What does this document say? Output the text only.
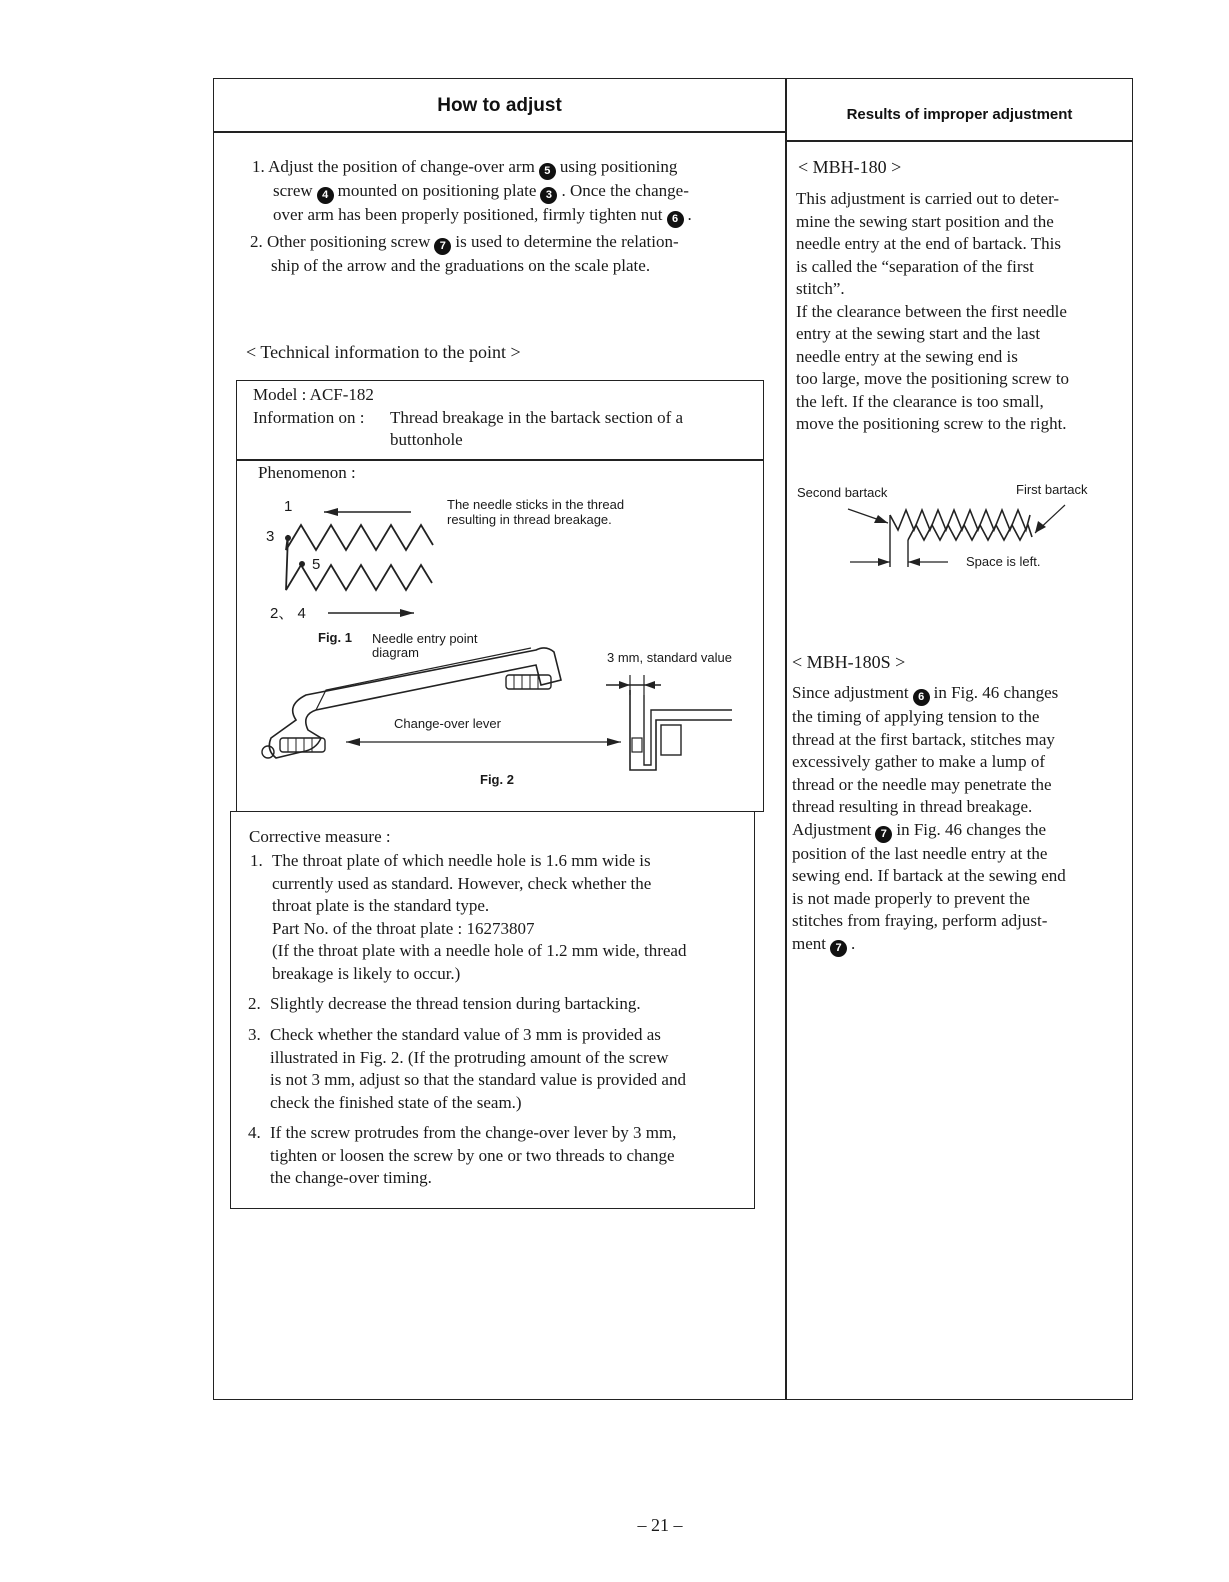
How to adjust	Results of improper adjustment
1. Adjust the position of change-over arm 5 using positioning
screw 4 mounted on positioning plate 3 . Once the change-
over arm has been properly positioned, firmly tighten nut 6 .
2. Other positioning screw 7 is used to determine the relation-
ship of the arrow and the graduations on the scale plate.
< Technical information to the point >
Model : ACF-182
Information on : Thread breakage in the bartack section of a
buttonhole
Phenomenon :
3
1
5
2、 4
The needle sticks in the thread
resulting in thread breakage.
Fig. 1 Needle entry point
diagram	3 mm, standard value
Change-over lever
Fig. 2
Corrective measure :
1. The throat plate of which needle hole is 1.6 mm wide is
currently used as standard. However, check whether the
throat plate is the standard type.
Part No. of the throat plate : 16273807
(If the throat plate with a needle hole of 1.2 mm wide, thread
breakage is likely to occur.)
2. Slightly decrease the thread tension during bartacking.
3. Check whether the standard value of 3 mm is provided as
illustrated in Fig. 2. (If the protruding amount of the screw
is not 3 mm, adjust so that the standard value is provided and
check the finished state of the seam.)
4. If the screw protrudes from the change-over lever by 3 mm,
tighten or loosen the screw by one or two threads to change
the change-over timing.
< MBH-180 >
This adjustment is carried out to deter-
mine the sewing start position and the
needle entry at the end of bartack. This
is called the “separation of the first
stitch”.
If the clearance between the first needle
entry at the sewing start and the last
needle entry at the sewing end is
too large, move the positioning screw to
the left. If the clearance is too small,
move the positioning screw to the right.
Second bartack	First bartack
Space is left.
< MBH-180S >
Since adjustment 6 in Fig. 46 changes
the timing of applying tension to the
thread at the first bartack, stitches may
excessively gather to make a lump of
thread or the needle may penetrate the
thread resulting in thread breakage.
Adjustment 7 in Fig. 46 changes the
position of the last needle entry at the
sewing end. If bartack at the sewing end
is not made properly to prevent the
stitches from fraying, perform adjust-
ment 7 .
– 21 –
